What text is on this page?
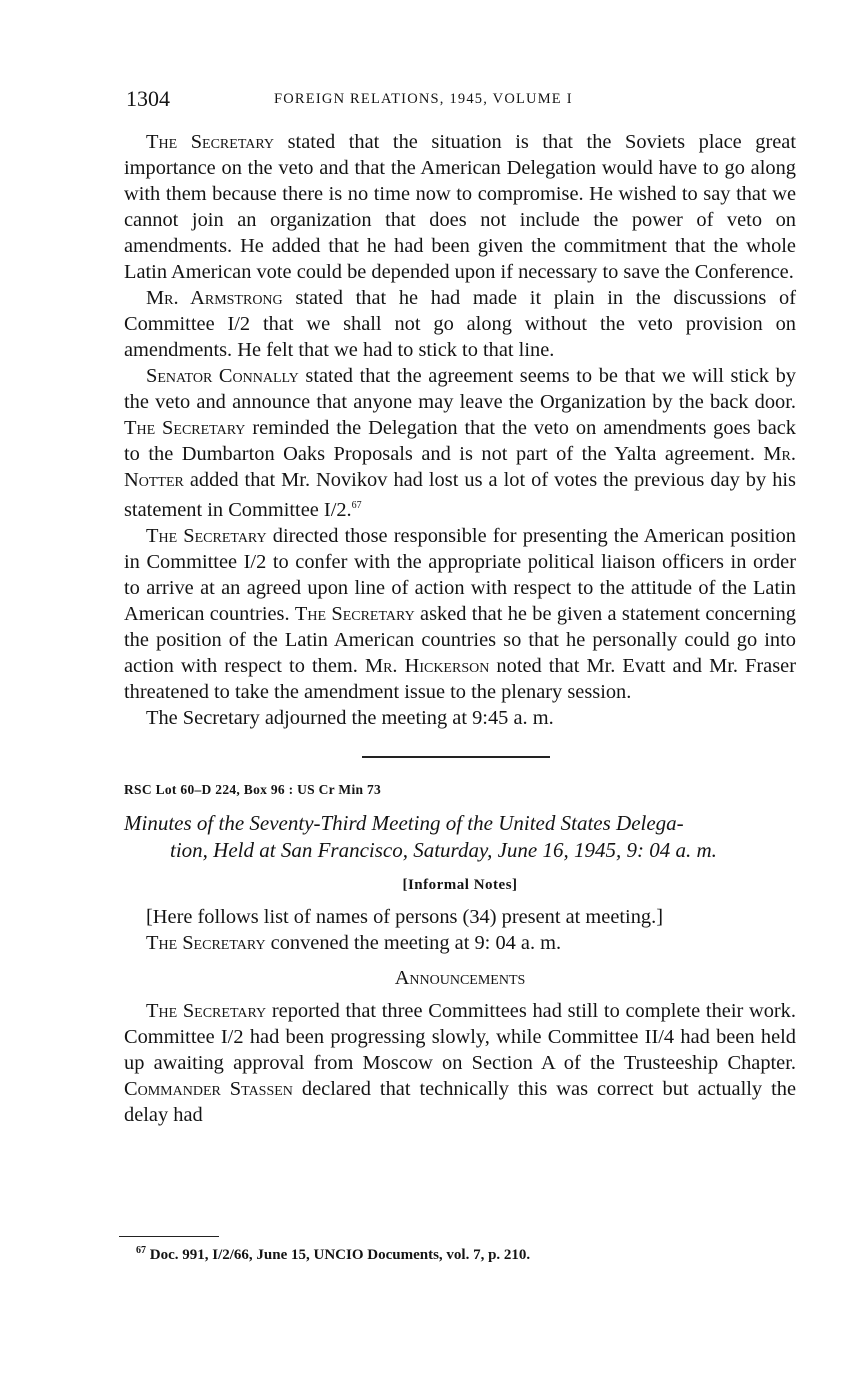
1304	FOREIGN RELATIONS, 1945, VOLUME I

The Secretary stated that the situation is that the Soviets place great importance on the veto and that the American Delegation would have to go along with them because there is no time now to compromise. He wished to say that we cannot join an organization that does not include the power of veto on amendments. He added that he had been given the commitment that the whole Latin American vote could be depended upon if necessary to save the Conference.

Mr. Armstrong stated that he had made it plain in the discussions of Committee I/2 that we shall not go along without the veto provision on amendments. He felt that we had to stick to that line.

Senator Connally stated that the agreement seems to be that we will stick by the veto and announce that anyone may leave the Organization by the back door. The Secretary reminded the Delegation that the veto on amendments goes back to the Dumbarton Oaks Proposals and is not part of the Yalta agreement. Mr. Notter added that Mr. Novikov had lost us a lot of votes the previous day by his statement in Committee I/2.67

The Secretary directed those responsible for presenting the American position in Committee I/2 to confer with the appropriate political liaison officers in order to arrive at an agreed upon line of action with respect to the attitude of the Latin American countries. The Secretary asked that he be given a statement concerning the position of the Latin American countries so that he personally could go into action with respect to them. Mr. Hickerson noted that Mr. Evatt and Mr. Fraser threatened to take the amendment issue to the plenary session.

The Secretary adjourned the meeting at 9:45 a. m.

RSC Lot 60–D 224, Box 96 : US Cr Min 73
Minutes of the Seventy-Third Meeting of the United States Delega-
tion, Held at San Francisco, Saturday, June 16, 1945, 9: 04 a. m.
[Informal Notes]

[Here follows list of names of persons (34) present at meeting.]

The Secretary convened the meeting at 9: 04 a. m.

Announcements

The Secretary reported that three Committees had still to complete their work. Committee I/2 had been progressing slowly, while Committee II/4 had been held up awaiting approval from Moscow on Section A of the Trusteeship Chapter. Commander Stassen declared that technically this was correct but actually the delay had

$^{67}$ Doc. 991, I/2/66, June 15, UNCIO Documents, vol. 7, p. 210.
